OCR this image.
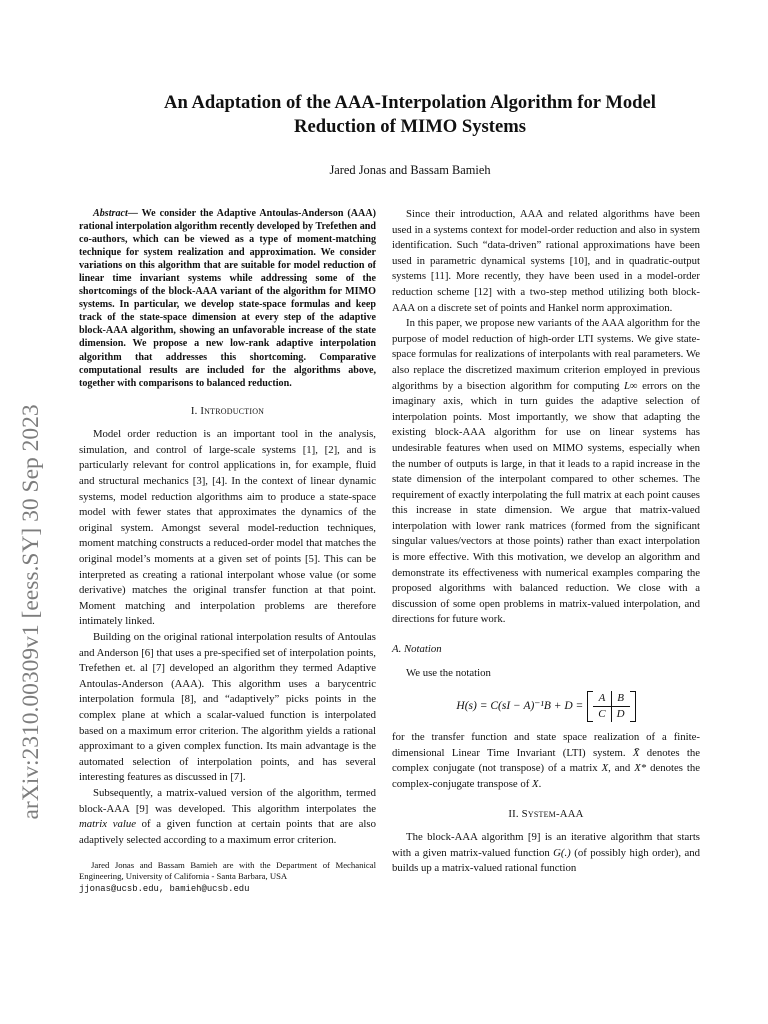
arXiv:2310.00309v1 [eess.SY] 30 Sep 2023
An Adaptation of the AAA-Interpolation Algorithm for Model
Reduction of MIMO Systems
Jared Jonas and Bassam Bamieh

Abstract— We consider the Adaptive Antoulas-Anderson (AAA) rational interpolation algorithm recently developed by Trefethen and co-authors, which can be viewed as a type of moment-matching technique for system realization and approximation. We consider variations on this algorithm that are suitable for model reduction of linear time invariant systems while addressing some of the shortcomings of the block-AAA variant of the algorithm for MIMO systems. In particular, we develop state-space formulas and keep track of the state-space dimension at every step of the adaptive block-AAA algorithm, showing an unfavorable increase of the state dimension. We propose a new low-rank adaptive interpolation algorithm that addresses this shortcoming. Comparative computational results are included for the algorithms above, together with comparisons to balanced reduction.

I. Introduction

Model order reduction is an important tool in the analysis, simulation, and control of large-scale systems [1], [2], and is particularly relevant for control applications in, for example, fluid and structural mechanics [3], [4]. In the context of linear dynamic systems, model reduction algorithms aim to produce a state-space model with fewer states that approximates the dynamics of the original system. Amongst several model-reduction techniques, moment matching constructs a reduced-order model that matches the original model’s moments at a given set of points [5]. This can be interpreted as creating a rational interpolant whose value (or some derivative) matches the original transfer function at that point. Moment matching and interpolation problems are therefore intimately linked.

Building on the original rational interpolation results of Antoulas and Anderson [6] that uses a pre-specified set of interpolation points, Trefethen et. al [7] developed an algorithm they termed Adaptive Antoulas-Anderson (AAA). This algorithm uses a barycentric interpolation formula [8], and “adaptively” picks points in the complex plane at which a scalar-valued function is interpolated based on a maximum error criterion. The algorithm yields a rational approximant to a given complex function. Its main advantage is the automated selection of interpolation points, and has several interesting features as discussed in [7].

Subsequently, a matrix-valued version of the algorithm, termed block-AAA [9] was developed. This algorithm interpolates the matrix value of a given function at certain points that are also adaptively selected according to a maximum error criterion.

Jared Jonas and Bassam Bamieh are with the Department of Mechanical Engineering, University of California - Santa Barbara, USA
jjonas@ucsb.edu, bamieh@ucsb.edu

Since their introduction, AAA and related algorithms have been used in a systems context for model-order reduction and also in system identification. Such “data-driven” rational approximations have been used in parametric dynamical systems [10], and in quadratic-output systems [11]. More recently, they have been used in a model-order reduction scheme [12] with a two-step method utilizing both block-AAA on a discrete set of points and Hankel norm approximation.

In this paper, we propose new variants of the AAA algorithm for the purpose of model reduction of high-order LTI systems. We give state-space formulas for realizations of interpolants with real parameters. We also replace the discretized maximum criterion employed in previous algorithms by a bisection algorithm for computing L∞ errors on the imaginary axis, which in turn guides the adaptive selection of interpolation points. Most importantly, we show that adapting the existing block-AAA algorithm for use on linear systems has undesirable features when used on MIMO systems, especially when the number of outputs is large, in that it leads to a rapid increase in the state dimension of the interpolant compared to other schemes. The requirement of exactly interpolating the full matrix at each point causes this increase in state dimension. We argue that matrix-valued interpolation with lower rank matrices (formed from the significant singular values/vectors at those points) rather than exact interpolation is more effective. With this motivation, we develop an algorithm and demonstrate its effectiveness with numerical examples comparing the proposed algorithms with balanced reduction. We close with a discussion of some open problems in matrix-valued interpolation, and directions for future work.

A. Notation

We use the notation

H(s) = C(sI − A)⁻¹B + D =
A	B
C	D

for the transfer function and state space realization of a finite-dimensional Linear Time Invariant (LTI) system. X̄ denotes the complex conjugate (not transpose) of a matrix X, and X* denotes the complex-conjugate transpose of X.

II. System-AAA

The block-AAA algorithm [9] is an iterative algorithm that starts with a given matrix-valued function G(.) (of possibly high order), and builds up a matrix-valued rational function
